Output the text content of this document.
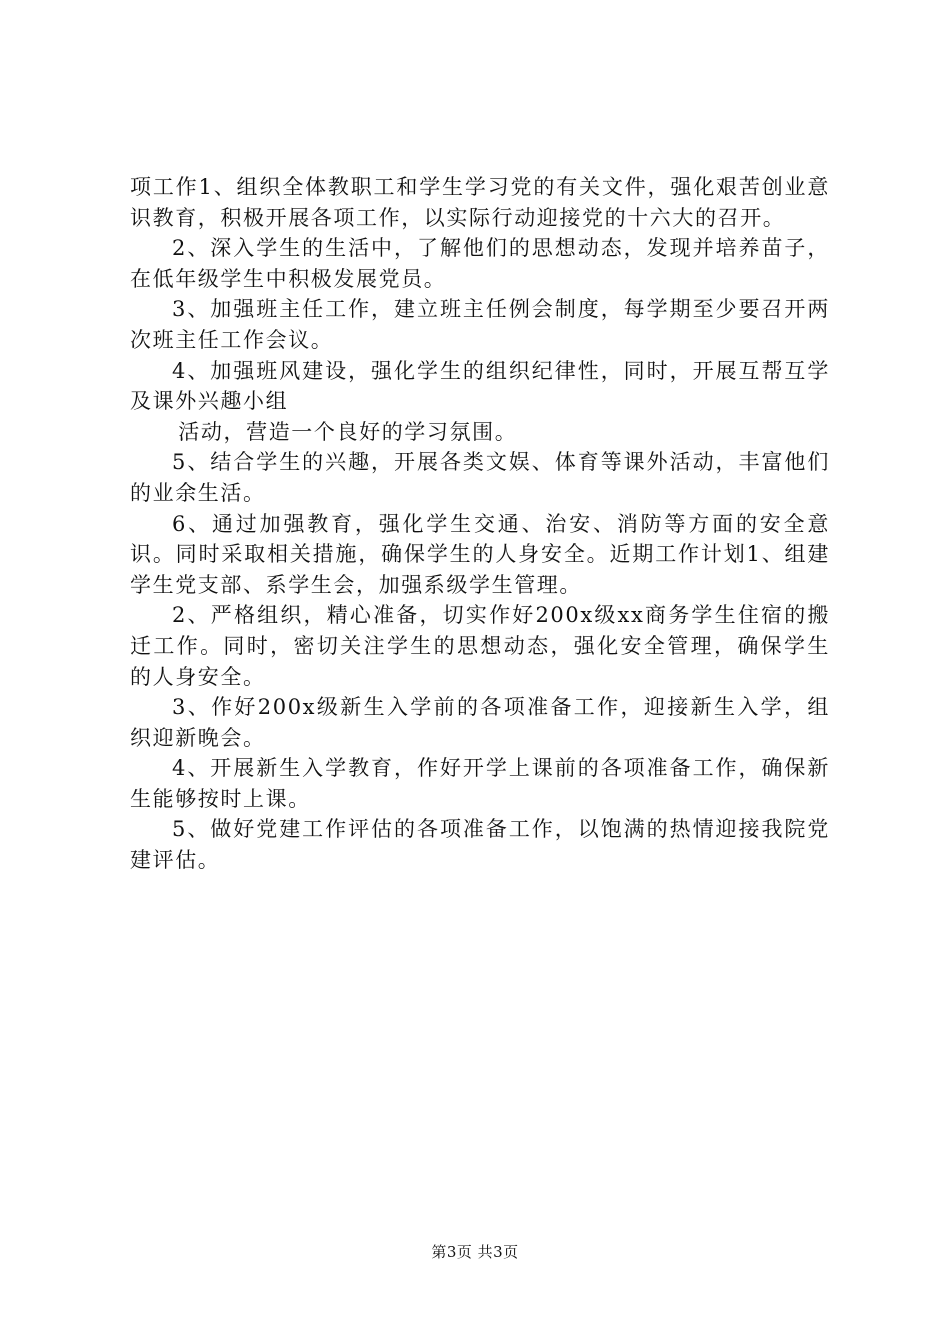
项工作1、组织全体教职工和学生学习党的有关文件，强化艰苦创业意识教育，积极开展各项工作，以实际行动迎接党的十六大的召开。

2、深入学生的生活中，了解他们的思想动态，发现并培养苗子，在低年级学生中积极发展党员。

3、加强班主任工作，建立班主任例会制度，每学期至少要召开两次班主任工作会议。

4、加强班风建设，强化学生的组织纪律性，同时，开展互帮互学及课外兴趣小组

活动，营造一个良好的学习氛围。

5、结合学生的兴趣，开展各类文娱、体育等课外活动，丰富他们的业余生活。

6、通过加强教育，强化学生交通、治安、消防等方面的安全意识。同时采取相关措施，确保学生的人身安全。近期工作计划1、组建学生党支部、系学生会，加强系级学生管理。

2、严格组织，精心准备，切实作好200x级xx商务学生住宿的搬迁工作。同时，密切关注学生的思想动态，强化安全管理，确保学生的人身安全。

3、作好200x级新生入学前的各项准备工作，迎接新生入学，组织迎新晚会。

4、开展新生入学教育，作好开学上课前的各项准备工作，确保新生能够按时上课。

5、做好党建工作评估的各项准备工作，以饱满的热情迎接我院党建评估。

第3页 共3页
